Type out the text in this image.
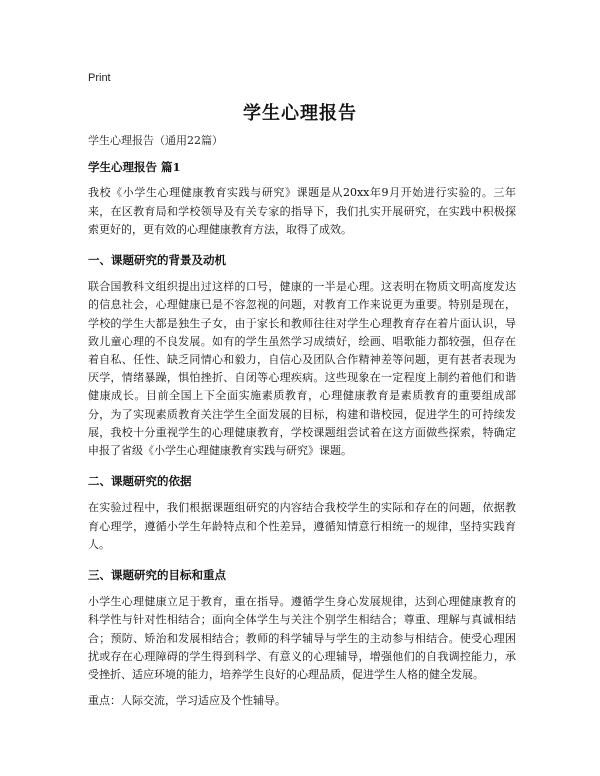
Print
学生心理报告

学生心理报告（通用22篇）

学生心理报告 篇1

我校《小学生心理健康教育实践与研究》课题是从20xx年9月开始进行实验的。三年来，在区教育局和学校领导及有关专家的指导下，我们扎实开展研究，在实践中积极探索更好的，更有效的心理健康教育方法，取得了成效。

一、课题研究的背景及动机

联合国教科文组织提出过这样的口号，健康的一半是心理。这表明在物质文明高度发达的信息社会，心理健康已是不容忽视的问题，对教育工作来说更为重要。特别是现在，学校的学生大都是独生子女，由于家长和教师往往对学生心理教育存在着片面认识，导致儿童心理的不良发展。如有的学生虽然学习成绩好，绘画、唱歌能力都较强，但存在着自私、任性、缺乏同情心和毅力，自信心及团队合作精神差等问题，更有甚者表现为厌学，情绪暴躁，惧怕挫折、自闭等心理疾病。这些现象在一定程度上制约着他们和谐健康成长。目前全国上下全面实施素质教育，心理健康教育是素质教育的重要组成部分，为了实现素质教育关注学生全面发展的目标，构建和谐校园，促进学生的可持续发展，我校十分重视学生的心理健康教育，学校课题组尝试着在这方面做些探索，特确定申报了省级《小学生心理健康教育实践与研究》课题。

二、课题研究的依据

在实验过程中，我们根据课题组研究的内容结合我校学生的实际和存在的问题，依据教育心理学，遵循小学生年龄特点和个性差异，遵循知情意行相统一的规律，坚持实践育人。

三、课题研究的目标和重点

小学生心理健康立足于教育，重在指导。遵循学生身心发展规律，达到心理健康教育的科学性与针对性相结合；面向全体学生与关注个别学生相结合；尊重、理解与真诚相结合；预防、矫治和发展相结合；教师的科学辅导与学生的主动参与相结合。使受心理困扰或存在心理障碍的学生得到科学、有意义的心理辅导，增强他们的自我调控能力，承受挫折、适应环境的能力，培养学生良好的心理品质，促进学生人格的健全发展。

重点：人际交流，学习适应及个性辅导。
